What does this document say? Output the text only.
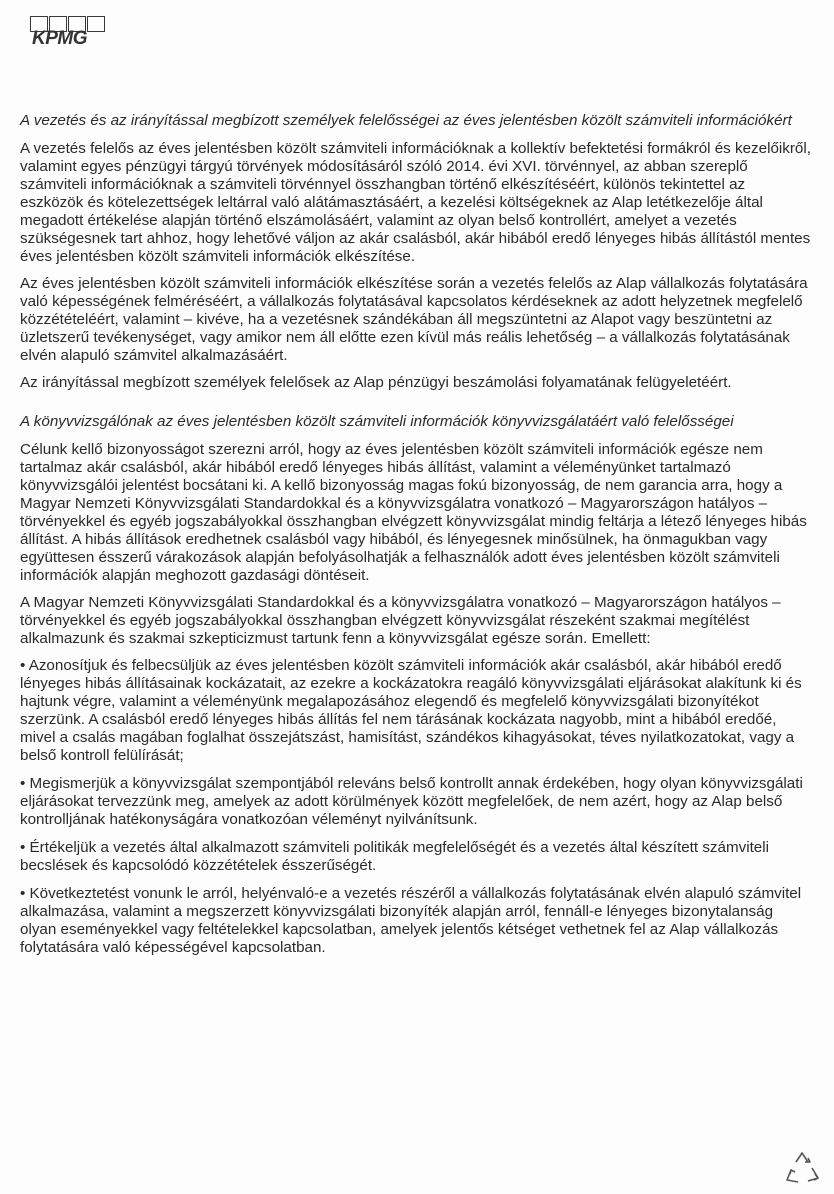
KPMG

A vezetés és az irányítással megbízott személyek felelősségei az éves jelentésben közölt számviteli információkért

A vezetés felelős az éves jelentésben közölt számviteli információknak a kollektív befektetési formákról és kezelőikről, valamint egyes pénzügyi tárgyú törvények módosításáról szóló 2014. évi XVI. törvénnyel, az abban szereplő számviteli információknak a számviteli törvénnyel összhangban történő elkészítéséért, különös tekintettel az eszközök és kötelezettségek leltárral való alátámasztásáért, a kezelési költségeknek az Alap letétkezelője által megadott értékelése alapján történő elszámolásáért, valamint az olyan belső kontrollért, amelyet a vezetés szükségesnek tart ahhoz, hogy lehetővé váljon az akár csalásból, akár hibából eredő lényeges hibás állítástól mentes éves jelentésben közölt számviteli információk elkészítése.

Az éves jelentésben közölt számviteli információk elkészítése során a vezetés felelős az Alap vállalkozás folytatására való képességének felméréséért, a vállalkozás folytatásával kapcsolatos kérdéseknek az adott helyzetnek megfelelő közzétételéért, valamint – kivéve, ha a vezetésnek szándékában áll megszüntetni az Alapot vagy beszüntetni az üzletszerű tevékenységet, vagy amikor nem áll előtte ezen kívül más reális lehetőség – a vállalkozás folytatásának elvén alapuló számvitel alkalmazásáért.

Az irányítással megbízott személyek felelősek az Alap pénzügyi beszámolási folyamatának felügyeletéért.

A könyvvizsgálónak az éves jelentésben közölt számviteli információk könyvvizsgálatáért való felelősségei

Célunk kellő bizonyosságot szerezni arról, hogy az éves jelentésben közölt számviteli információk egésze nem tartalmaz akár csalásból, akár hibából eredő lényeges hibás állítást, valamint a véleményünket tartalmazó könyvvizsgálói jelentést bocsátani ki. A kellő bizonyosság magas fokú bizonyosság, de nem garancia arra, hogy a Magyar Nemzeti Könyvvizsgálati Standardokkal és a könyvvizsgálatra vonatkozó – Magyarországon hatályos – törvényekkel és egyéb jogszabályokkal összhangban elvégzett könyvvizsgálat mindig feltárja a létező lényeges hibás állítást. A hibás állítások eredhetnek csalásból vagy hibából, és lényegesnek minősülnek, ha önmagukban vagy együttesen ésszerű várakozások alapján befolyásolhatják a felhasználók adott éves jelentésben közölt számviteli információk alapján meghozott gazdasági döntéseit.

A Magyar Nemzeti Könyvvizsgálati Standardokkal és a könyvvizsgálatra vonatkozó – Magyarországon hatályos – törvényekkel és egyéb jogszabályokkal összhangban elvégzett könyvvizsgálat részeként szakmai megítélést alkalmazunk és szakmai szkepticizmust tartunk fenn a könyvvizsgálat egésze során. Emellett:

• Azonosítjuk és felbecsüljük az éves jelentésben közölt számviteli információk akár csalásból, akár hibából eredő lényeges hibás állításainak kockázatait, az ezekre a kockázatokra reagáló könyvvizsgálati eljárásokat alakítunk ki és hajtunk végre, valamint a véleményünk megalapozásához elegendő és megfelelő könyvvizsgálati bizonyítékot szerzünk. A csalásból eredő lényeges hibás állítás fel nem tárásának kockázata nagyobb, mint a hibából eredőé, mivel a csalás magában foglalhat összejátszást, hamisítást, szándékos kihagyásokat, téves nyilatkozatokat, vagy a belső kontroll felülírását;

• Megismerjük a könyvvizsgálat szempontjából releváns belső kontrollt annak érdekében, hogy olyan könyvvizsgálati eljárásokat tervezzünk meg, amelyek az adott körülmények között megfelelőek, de nem azért, hogy az Alap belső kontrolljának hatékonyságára vonatkozóan véleményt nyilvánítsunk.

• Értékeljük a vezetés által alkalmazott számviteli politikák megfelelőségét és a vezetés által készített számviteli becslések és kapcsolódó közzétételek ésszerűségét.

• Következtetést vonunk le arról, helyénvaló-e a vezetés részéről a vállalkozás folytatásának elvén alapuló számvitel alkalmazása, valamint a megszerzett könyvvizsgálati bizonyíték alapján arról, fennáll-e lényeges bizonytalanság olyan eseményekkel vagy feltételekkel kapcsolatban, amelyek jelentős kétséget vethetnek fel az Alap vállalkozás folytatására való képességével kapcsolatban.
